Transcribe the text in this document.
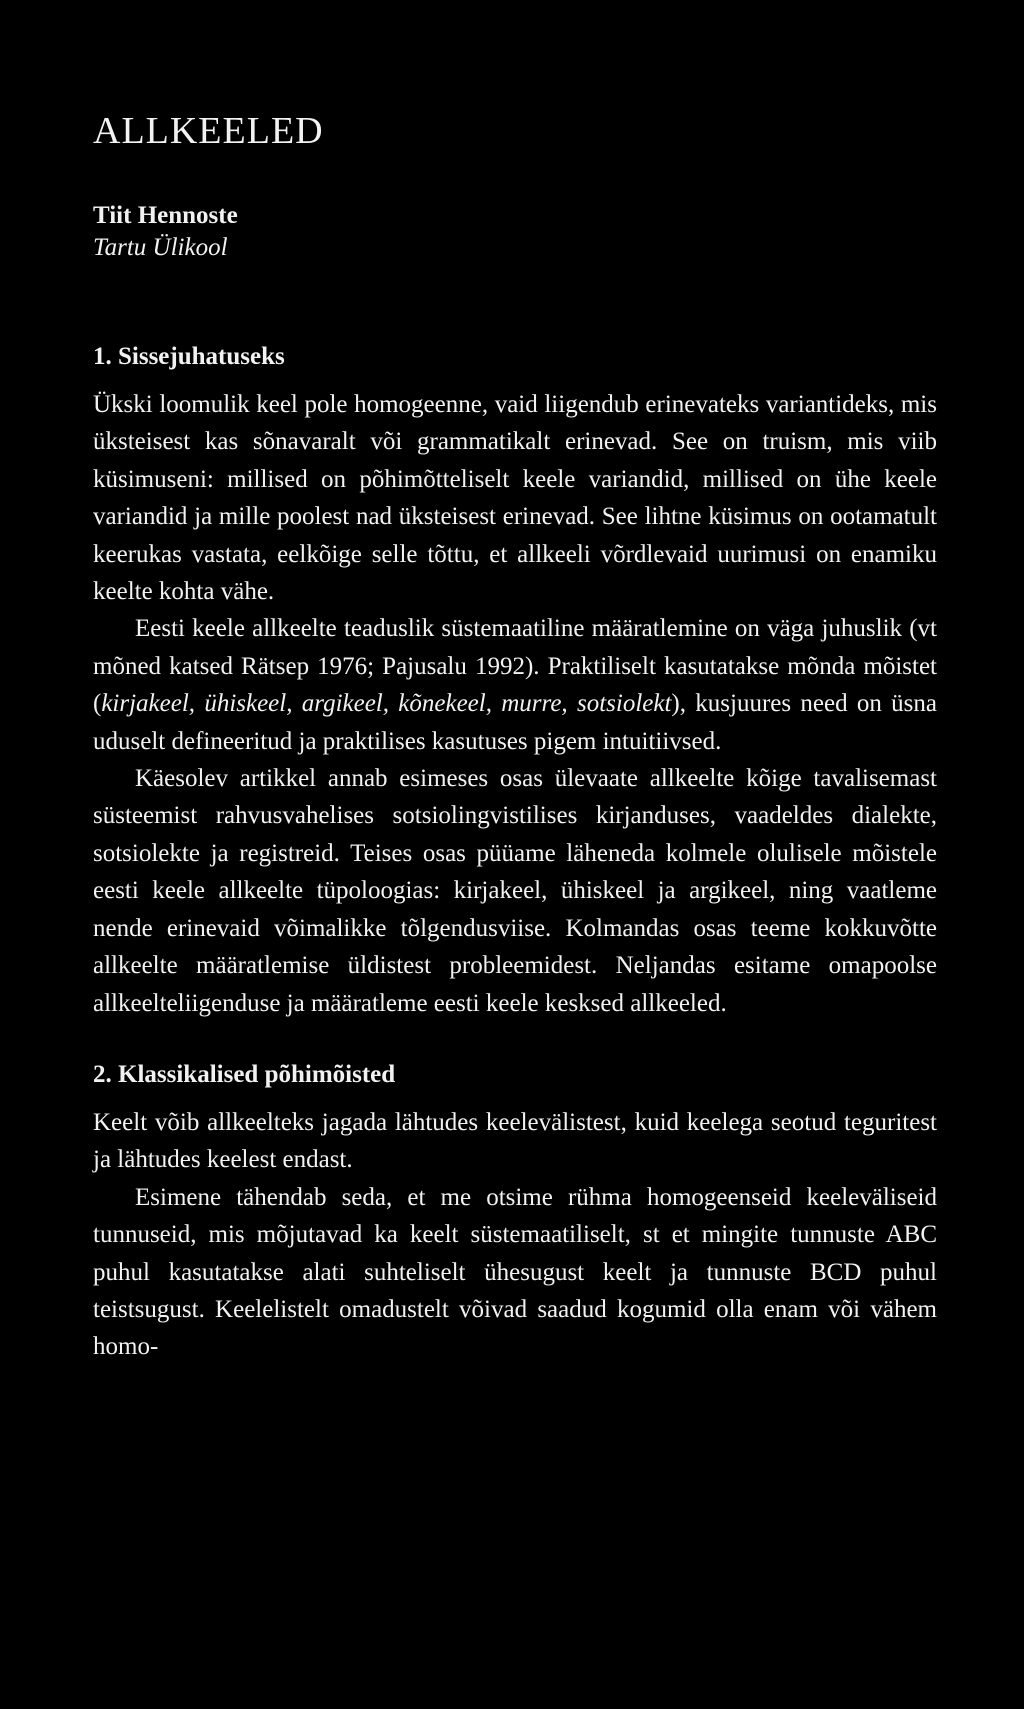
ALLKEELED
Tiit Hennoste
Tartu Ülikool
1. Sissejuhatuseks

Ükski loomulik keel pole homogeenne, vaid liigendub erinevateks variantideks, mis üksteisest kas sõnavaralt või grammatikalt erinevad. See on truism, mis viib küsimuseni: millised on põhimõtteliselt keele variandid, millised on ühe keele variandid ja mille poolest nad üksteisest erinevad. See lihtne küsimus on ootamatult keerukas vastata, eelkõige selle tõttu, et allkeeli võrdlevaid uurimusi on enamiku keelte kohta vähe.

Eesti keele allkeelte teaduslik süstemaatiline määratlemine on väga juhuslik (vt mõned katsed Rätsep 1976; Pajusalu 1992). Praktiliselt kasutatakse mõnda mõistet (kirjakeel, ühiskeel, argikeel, kõnekeel, murre, sotsiolekt), kusjuures need on üsna uduselt defineeritud ja praktilises kasutuses pigem intuitiivsed.

Käesolev artikkel annab esimeses osas ülevaate allkeelte kõige tavalisemast süsteemist rahvusvahelises sotsiolingvistilises kirjanduses, vaadeldes dialekte, sotsiolekte ja registreid. Teises osas püüame läheneda kolmele olulisele mõistele eesti keele allkeelte tüpoloogias: kirjakeel, ühiskeel ja argikeel, ning vaatleme nende erinevaid võimalikke tõlgendusviise. Kolmandas osas teeme kokkuvõtte allkeelte määratlemise üldistest probleemidest. Neljandas esitame omapoolse allkeelteliigenduse ja määratleme eesti keele kesksed allkeeled.

2. Klassikalised põhimõisted

Keelt võib allkeelteks jagada lähtudes keelevälistest, kuid keelega seotud teguritest ja lähtudes keelest endast.

Esimene tähendab seda, et me otsime rühma homogeenseid keeleväliseid tunnuseid, mis mõjutavad ka keelt süstemaatiliselt, st et mingite tunnuste ABC puhul kasutatakse alati suhteliselt ühesugust keelt ja tunnuste BCD puhul teistsugust. Keelelistelt omadustelt võivad saadud kogumid olla enam või vähem homo-
